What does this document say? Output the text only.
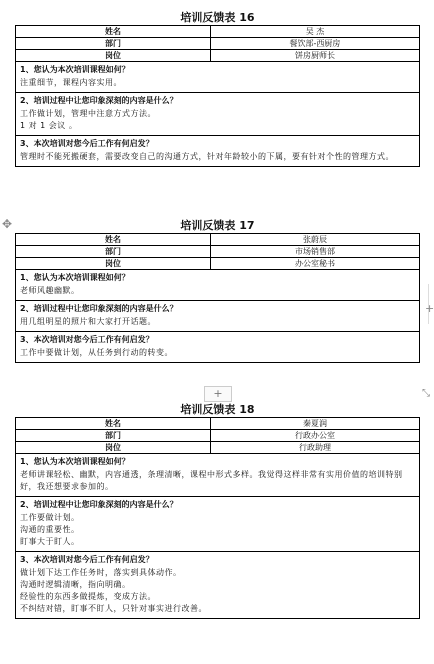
培训反馈表 16
姓名	吴 杰
部门	餐饮部-西厨房
岗位	饼房厨师长

1、您认为本次培训课程如何？
注重细节，课程内容实用。	

2、培训过程中让您印象深刻的内容是什么？
工作做计划，管理中注意方式方法。
1 对 1 会议 。	

3、本次培训对您今后工作有何启发？
管理时不能死搬硬套，需要改变自己的沟通方式，针对年龄较小的下属，要有针对个性的管理方式。	
✥	培训反馈表 17
姓名	张蔚辰
部门	市场销售部
岗位	办公室秘书

1、您认为本次培训课程如何？
老师风趣幽默。	

2、培训过程中让您印象深刻的内容是什么？
用几组明星的照片和大家打开话题。	

3、本次培训对您今后工作有何启发？
工作中要做计划，从任务到行动的转变。	
+
+	⤡
培训反馈表 18
姓名	秦夏润
部门	行政办公室
岗位	行政助理

1、您认为本次培训课程如何？
老师讲课轻松、幽默，内容通透，条理清晰，课程中形式多样。我觉得这样非常有实用价值的培训特别好，我还想要求参加的。	

2、培训过程中让您印象深刻的内容是什么？
工作要做计划。
沟通的重要性。
盯事大于盯人。	

3、本次培训对您今后工作有何启发？
做计划下达工作任务时，落实到具体动作。
沟通时逻辑清晰，指向明确。
经验性的东西多做提炼，变成方法。
不纠结对错，盯事不盯人，只针对事实进行改善。	
